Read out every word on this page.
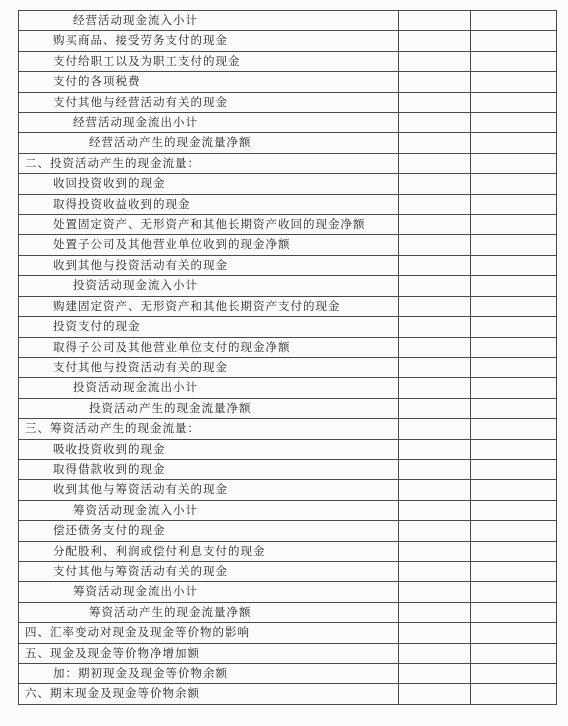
经营活动现金流入小计		
购买商品、接受劳务支付的现金		
支付给职工以及为职工支付的现金		
支付的各项税费		
支付其他与经营活动有关的现金		
经营活动现金流出小计		
经营活动产生的现金流量净额		
二、投资活动产生的现金流量：		
收回投资收到的现金		
取得投资收益收到的现金		
处置固定资产、无形资产和其他长期资产收回的现金净额		
处置子公司及其他营业单位收到的现金净额		
收到其他与投资活动有关的现金		
投资活动现金流入小计		
购建固定资产、无形资产和其他长期资产支付的现金		
投资支付的现金		
取得子公司及其他营业单位支付的现金净额		
支付其他与投资活动有关的现金		
投资活动现金流出小计		
投资活动产生的现金流量净额		
三、筹资活动产生的现金流量：		
吸收投资收到的现金		
取得借款收到的现金		
收到其他与筹资活动有关的现金		
筹资活动现金流入小计		
偿还债务支付的现金		
分配股利、利润或偿付利息支付的现金		
支付其他与筹资活动有关的现金		
筹资活动现金流出小计		
筹资活动产生的现金流量净额		
四、汇率变动对现金及现金等价物的影响		
五、现金及现金等价物净增加额		
加：期初现金及现金等价物余额		
六、期末现金及现金等价物余额		
